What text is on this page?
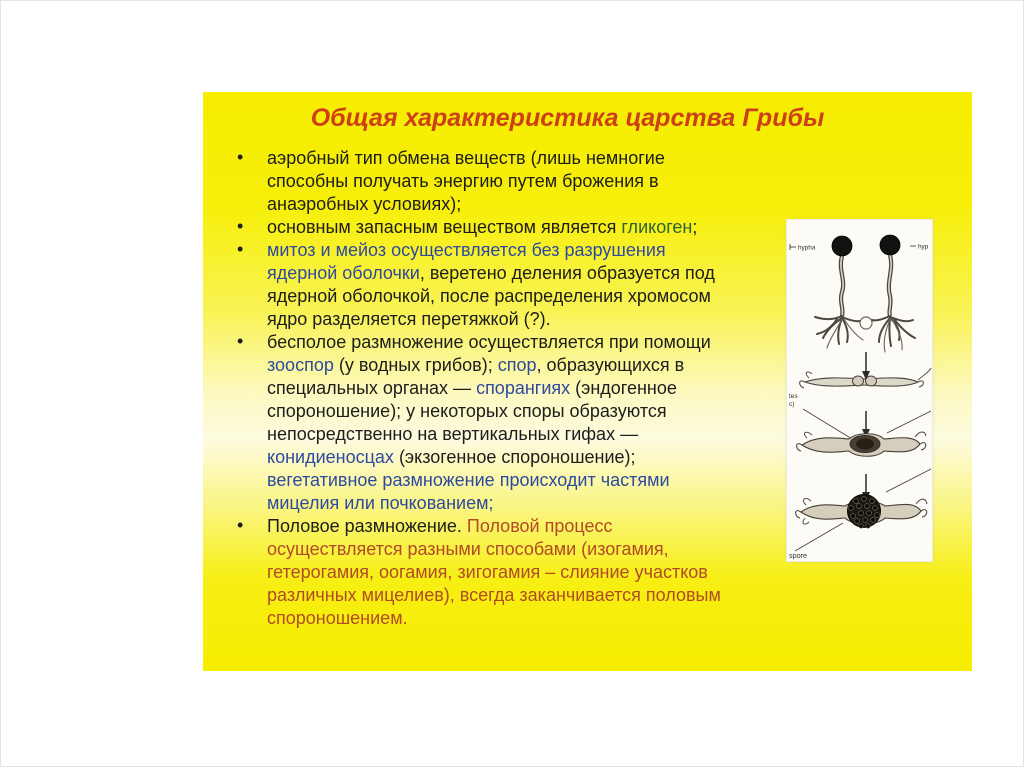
Общая характеристика царства Грибы
• аэробный тип обмена веществ (лишь немногие способны получать энергию путем брожения в анаэробных условиях);
• основным запасным веществом является гликоген;
• митоз и мейоз осуществляется без разрушения ядерной оболочки, веретено деления образуется под ядерной оболочкой, после распределения хромосом ядро разделяется перетяжкой (?).
• бесполое размножение осуществляется при помощи зооспор (у водных грибов); спор, образующихся в специальных органах — спорангиях (эндогенное спороношение); у некоторых споры образуются непосредственно на вертикальных гифах — конидиеносцах (экзогенное спороношение); вегетативное размножение происходит частями мицелия или почкованием;
• Половое размножение. Половой процесс осуществляется разными способами (изогамия, гетерогамия, оогамия, зигогамия – слияние участков различных мицелиев), всегда заканчивается половым спороношением.
hypha	hyp
tes
c)
spore
